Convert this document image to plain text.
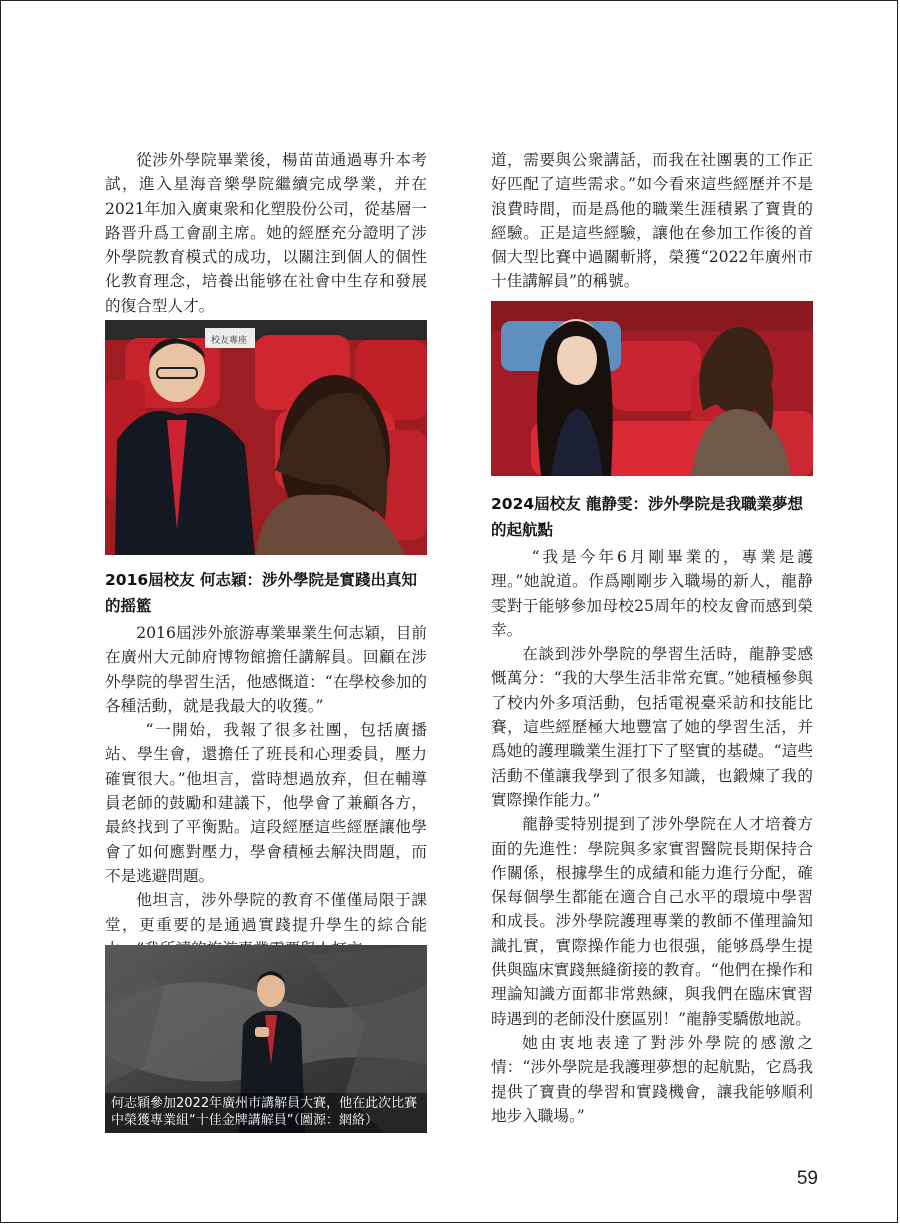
從涉外學院畢業後，楊苗苗通過專升本考試，進入星海音樂學院繼續完成學業，并在2021年加入廣東衆和化塑股份公司，從基層一路晋升爲工會副主席。她的經歷充分證明了涉外學院教育模式的成功，以關注到個人的個性化教育理念，培養出能够在社會中生存和發展的復合型人才。

校友專座
2016屆校友 何志穎：涉外學院是實踐出真知的摇籃

2016屆涉外旅游專業畢業生何志穎，目前在廣州大元帥府博物館擔任講解員。回顧在涉外學院的學習生活，他感慨道：“在學校參加的各種活動，就是我最大的收獲。”

“一開始，我報了很多社團，包括廣播站、學生會，還擔任了班長和心理委員，壓力確實很大。”他坦言，當時想過放弃，但在輔導員老師的鼓勵和建議下，他學會了兼顧各方，最終找到了平衡點。這段經歷這些經歷讓他學會了如何應對壓力，學會積極去解決問題，而不是逃避問題。

他坦言，涉外學院的教育不僅僅局限于課堂，更重要的是通過實踐提升學生的綜合能

何志穎參加2022年廣州市講解員大賽，他在此次比賽中榮獲專業組“十佳金牌講解員”（圖源：網絡）

道，需要與公衆講話，而我在社團裏的工作正好匹配了這些需求。”如今看來這些經歷并不是浪費時間，而是爲他的職業生涯積累了寶貴的經驗。正是這些經驗，讓他在參加工作後的首個大型比賽中過關斬將，榮獲“2022年廣州市十佳講解員”的稱號。

2024屆校友 龍静雯：涉外學院是我職業夢想的起航點

“我是今年6月剛畢業的，專業是護理。”她說道。作爲剛剛步入職場的新人，龍静雯對于能够參加母校25周年的校友會而感到榮幸。

在談到涉外學院的學習生活時，龍静雯感慨萬分：“我的大學生活非常充實。”她積極參與了校内外多項活動，包括電視臺采訪和技能比賽，這些經歷極大地豐富了她的學習生活，并爲她的護理職業生涯打下了堅實的基礎。“這些活動不僅讓我學到了很多知識，也鍛煉了我的實際操作能力。”

龍静雯特别提到了涉外學院在人才培養方面的先進性：學院與多家實習醫院長期保持合作關係，根據學生的成績和能力進行分配，確保每個學生都能在適合自己水平的環境中學習和成長。涉外學院護理專業的教師不僅理論知識扎實，實際操作能力也很强，能够爲學生提供與臨床實踐無縫銜接的教育。“他們在操作和理論知識方面都非常熟練，與我們在臨床實習時遇到的老師没什麽區别！”龍静雯驕傲地説。

她由衷地表達了對涉外學院的感激之情：“涉外學院是我護理夢想的起航點，它爲我提供了寶貴的學習和實踐機會，讓我能够順利地步入職場。”

59
